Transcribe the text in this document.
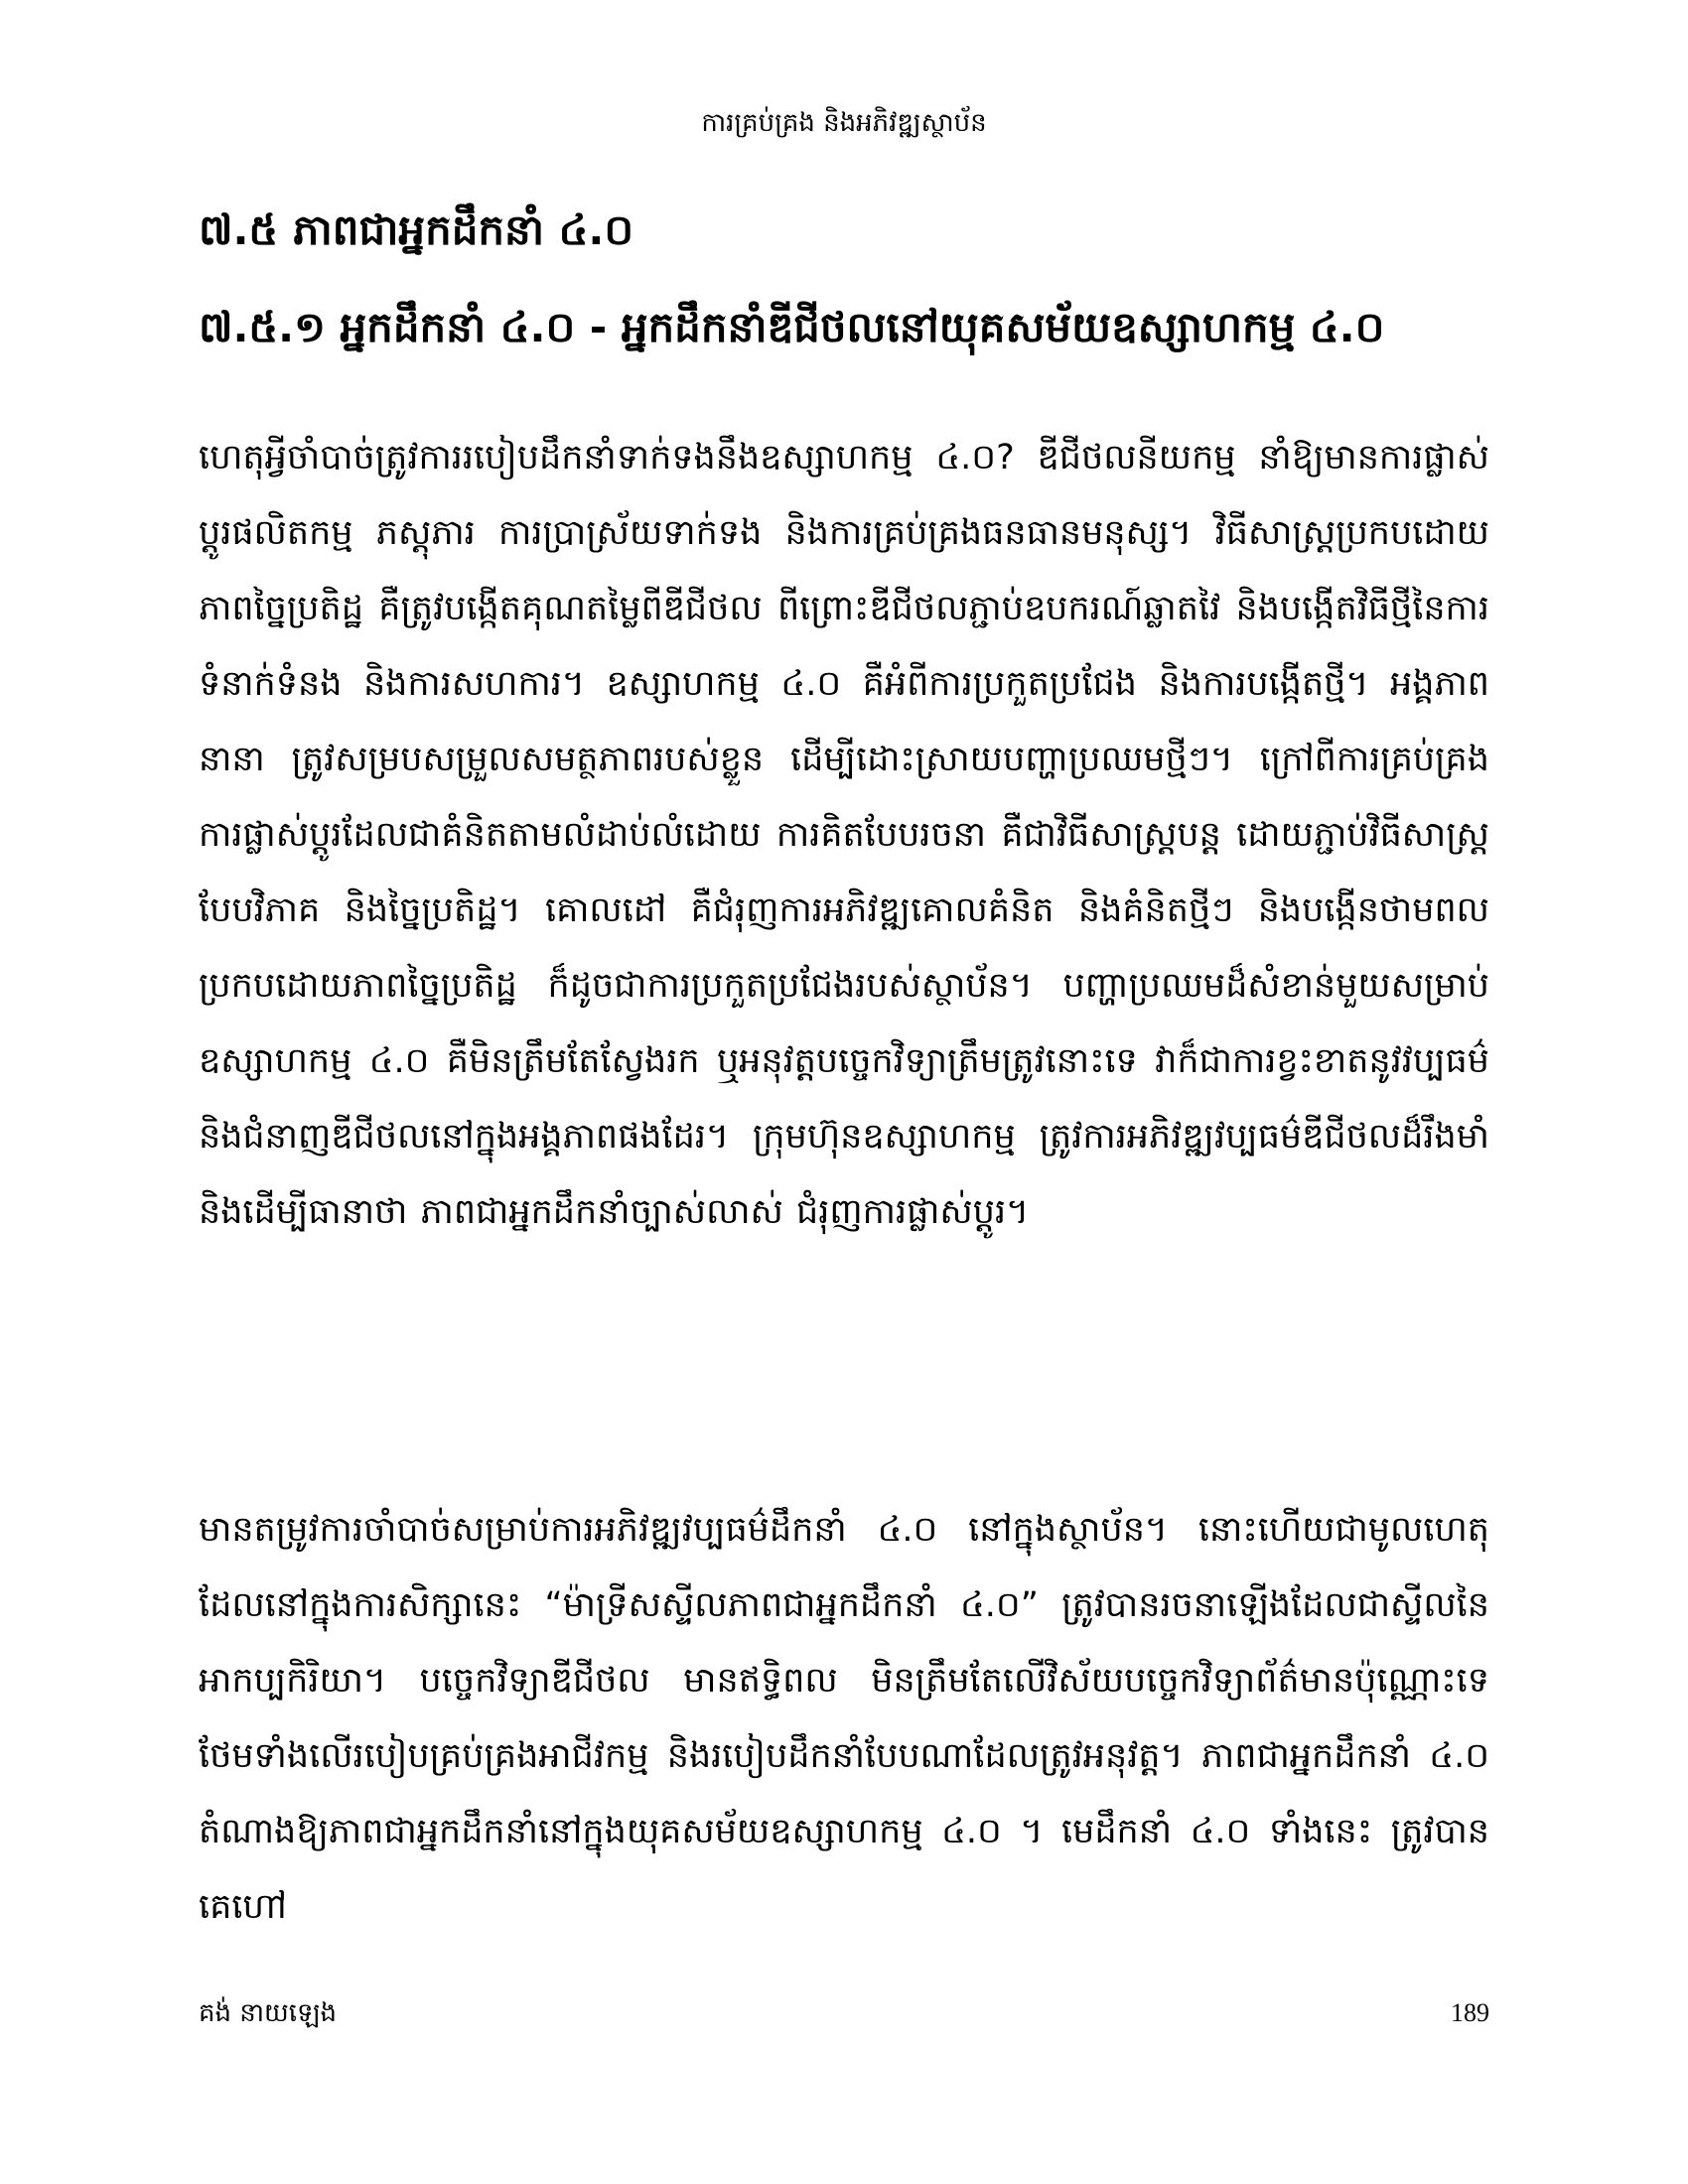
ការគ្រប់គ្រង និងអភិវឌ្ឍស្ថាប័ន
៧.៥ ភាពជាអ្នកដឹកនាំ ៤.០
៧.៥.១ អ្នកដឹកនាំ ៤.០ - អ្នកដឹកនាំឌីជីថលនៅយុគសម័យឧស្សាហកម្ម ៤.០

ហេតុអ្វីចាំបាច់ត្រូវការរបៀបដឹកនាំទាក់ទងនឹងឧស្សាហកម្ម ៤.០? ឌីជីថលនីយកម្ម នាំឱ្យមានការផ្លាស់ប្តូរផលិតកម្ម ភស្តុភារ ការប្រាស្រ័យទាក់ទង និងការគ្រប់គ្រងធនធានមនុស្ស។ វិធីសាស្ត្រប្រកបដោយភាពច្នៃប្រតិដ្ឋ គឺត្រូវបង្កើតគុណតម្លៃពីឌីជីថល ពីព្រោះឌីជីថលភ្ជាប់ឧបករណ៍ឆ្លាតវៃ និងបង្កើតវិធីថ្មីនៃការទំនាក់ទំនង និងការសហការ។ ឧស្សាហកម្ម ៤.០ គឺអំពីការប្រកួតប្រជែង និងការបង្កើតថ្មី។ អង្គភាពនានា ត្រូវសម្របសម្រួលសមត្ថភាពរបស់ខ្លួន ដើម្បីដោះស្រាយបញ្ហាប្រឈមថ្មីៗ។ ក្រៅពីការគ្រប់គ្រងការផ្លាស់ប្តូរដែលជាគំនិតតាមលំដាប់លំដោយ ការគិតបែបរចនា គឺជាវិធីសាស្ត្របន្ត ដោយភ្ជាប់វិធីសាស្ត្របែបវិភាគ និងច្នៃប្រតិដ្ឋ។ គោលដៅ គឺជំរុញការអភិវឌ្ឍគោលគំនិត និងគំនិតថ្មីៗ និងបង្កើនថាមពលប្រកបដោយភាពច្នៃប្រតិដ្ឋ ក៏ដូចជាការប្រកួតប្រជែងរបស់ស្ថាប័ន។ បញ្ហាប្រឈមដ៏សំខាន់មួយសម្រាប់ឧស្សាហកម្ម ៤.០ គឺមិនត្រឹមតែស្វែងរក ឬអនុវត្តបច្ចេកវិទ្យាត្រឹមត្រូវនោះទេ វាក៏ជាការខ្វះខាតនូវវប្បធម៌ និងជំនាញឌីជីថលនៅក្នុងអង្គភាពផងដែរ។ ក្រុមហ៊ុនឧស្សាហកម្ម ត្រូវការអភិវឌ្ឍវប្បធម៌ឌីជីថលដ៏រឹងមាំ និងដើម្បីធានាថា ភាពជាអ្នកដឹកនាំច្បាស់លាស់ ជំរុញការផ្លាស់ប្តូរ។

មានតម្រូវការចាំបាច់សម្រាប់ការអភិវឌ្ឍវប្បធម៌ដឹកនាំ ៤.០ នៅក្នុងស្ថាប័ន។ នោះហើយជាមូលហេតុដែលនៅក្នុងការសិក្សានេះ “ម៉ាទ្រីសស្ទីលភាពជាអ្នកដឹកនាំ ៤.០” ត្រូវបានរចនាឡើងដែលជាស្ទីលនៃអាកប្បកិរិយា។ បច្ចេកវិទ្យាឌីជីថល មានឥទ្ធិពល មិនត្រឹមតែលើវិស័យបច្ចេកវិទ្យាព័ត៌មានប៉ុណ្ណោះទេ ថែមទាំងលើរបៀបគ្រប់គ្រងអាជីវកម្ម និងរបៀបដឹកនាំបែបណាដែលត្រូវអនុវត្ត។ ភាពជាអ្នកដឹកនាំ ៤.០ តំណាងឱ្យភាពជាអ្នកដឹកនាំនៅក្នុងយុគសម័យឧស្សាហកម្ម ៤.០ ។ មេដឹកនាំ ៤.០ ទាំងនេះ ត្រូវបានគេហៅ

គង់ នាយឡេង	189
